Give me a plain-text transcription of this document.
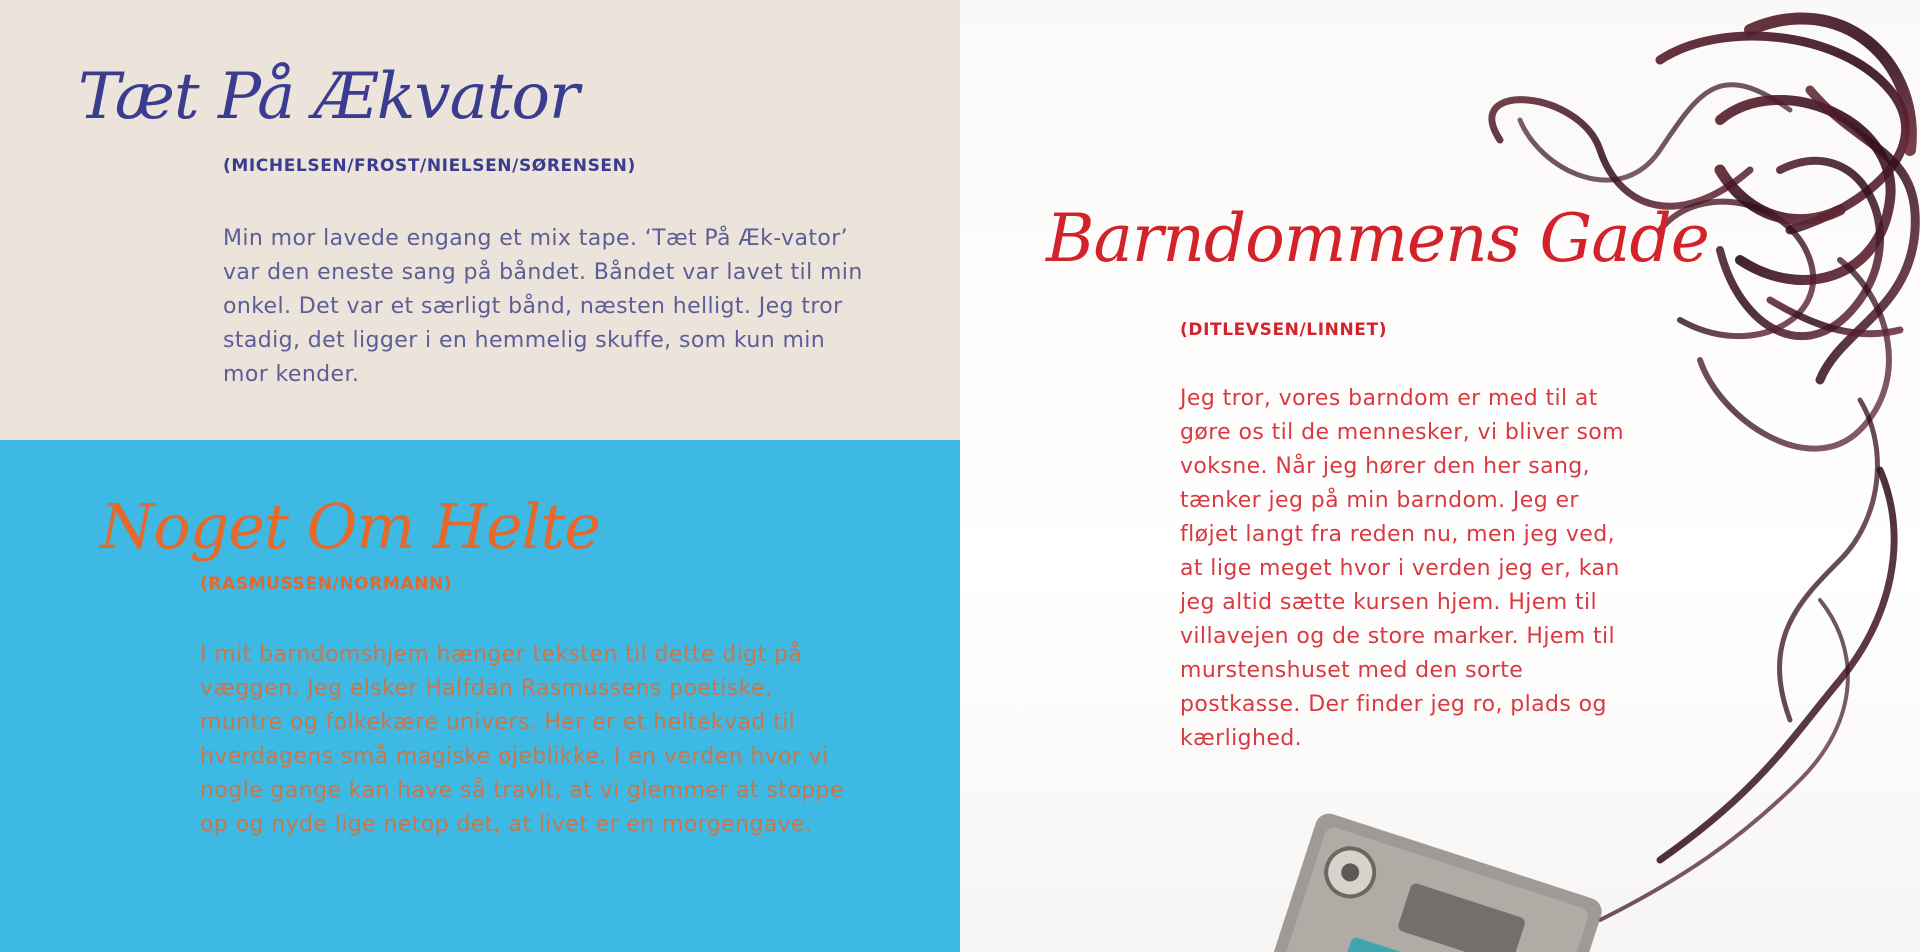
Tæt På Ækvator

(MICHELSEN/FROST/NIELSEN/SØRENSEN)

Min mor lavede engang et mix tape. ‘Tæt På Æk-vator’ var den eneste sang på båndet. Båndet var lavet til min onkel. Det var et særligt bånd, næsten helligt. Jeg tror stadig, det ligger i en hemmelig skuffe, som kun min mor kender.

Noget Om Helte

(RASMUSSEN/NORMANN)

I mit barndomshjem hænger teksten til dette digt på væggen. Jeg elsker Halfdan Rasmussens poetiske, muntre og folkekære univers. Her er et heltekvad til hverdagens små magiske øjeblikke. I en verden hvor vi nogle gange kan have så travlt, at vi glemmer at stoppe op og nyde lige netop det, at livet er en morgengave.

Barndommens Gade

(DITLEVSEN/LINNET)

Jeg tror, vores barndom er med til at gøre os til de mennesker, vi bliver som voksne. Når jeg hører den her sang, tænker jeg på min barndom. Jeg er fløjet langt fra reden nu, men jeg ved, at lige meget hvor i verden jeg er, kan jeg altid sætte kursen hjem. Hjem til villavejen og de store marker. Hjem til murstenshuset med den sorte postkasse. Der finder jeg ro, plads og kærlighed.
